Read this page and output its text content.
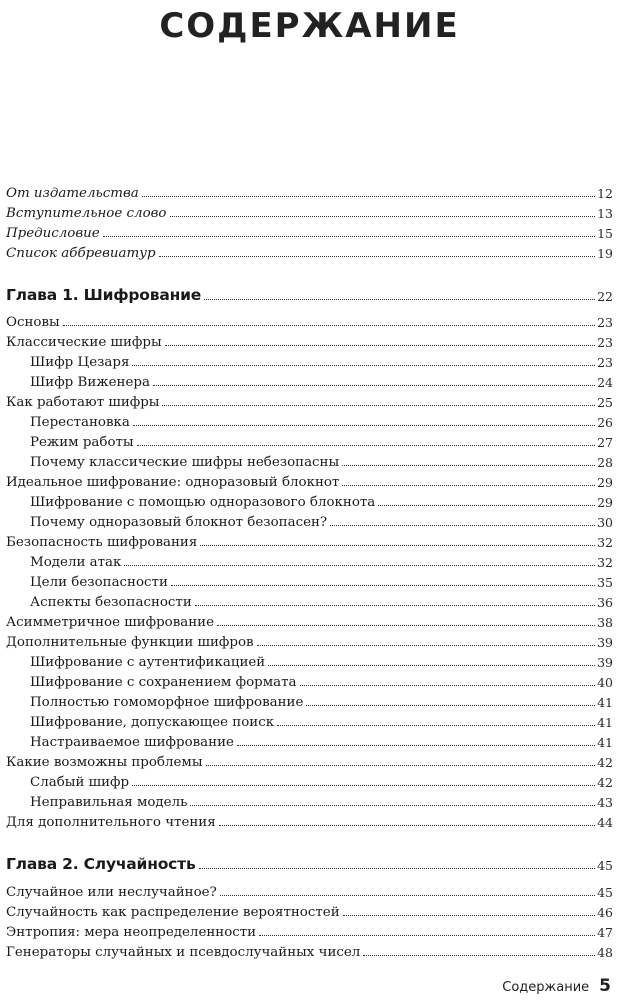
СОДЕРЖАНИЕ
От издательства	12
Вступительное слово	13
Предисловие	15
Список аббревиатур	19
Глава 1. Шифрование	22
Основы	23
Классические шифры	23
Шифр Цезаря	23
Шифр Виженера	24
Как работают шифры	25
Перестановка	26
Режим работы	27
Почему классические шифры небезопасны	28
Идеальное шифрование: одноразовый блокнот	29
Шифрование с помощью одноразового блокнота	29
Почему одноразовый блокнот безопасен?	30
Безопасность шифрования	32
Модели атак	32
Цели безопасности	35
Аспекты безопасности	36
Асимметричное шифрование	38
Дополнительные функции шифров	39
Шифрование с аутентификацией	39
Шифрование с сохранением формата	40
Полностью гомоморфное шифрование	41
Шифрование, допускающее поиск	41
Настраиваемое шифрование	41
Какие возможны проблемы	42
Слабый шифр	42
Неправильная модель	43
Для дополнительного чтения	44
Глава 2. Случайность	45
Случайное или неслучайное?	45
Случайность как распределение вероятностей	46
Энтропия: мера неопределенности	47
Генераторы случайных и псевдослучайных чисел	48
Содержание 5
